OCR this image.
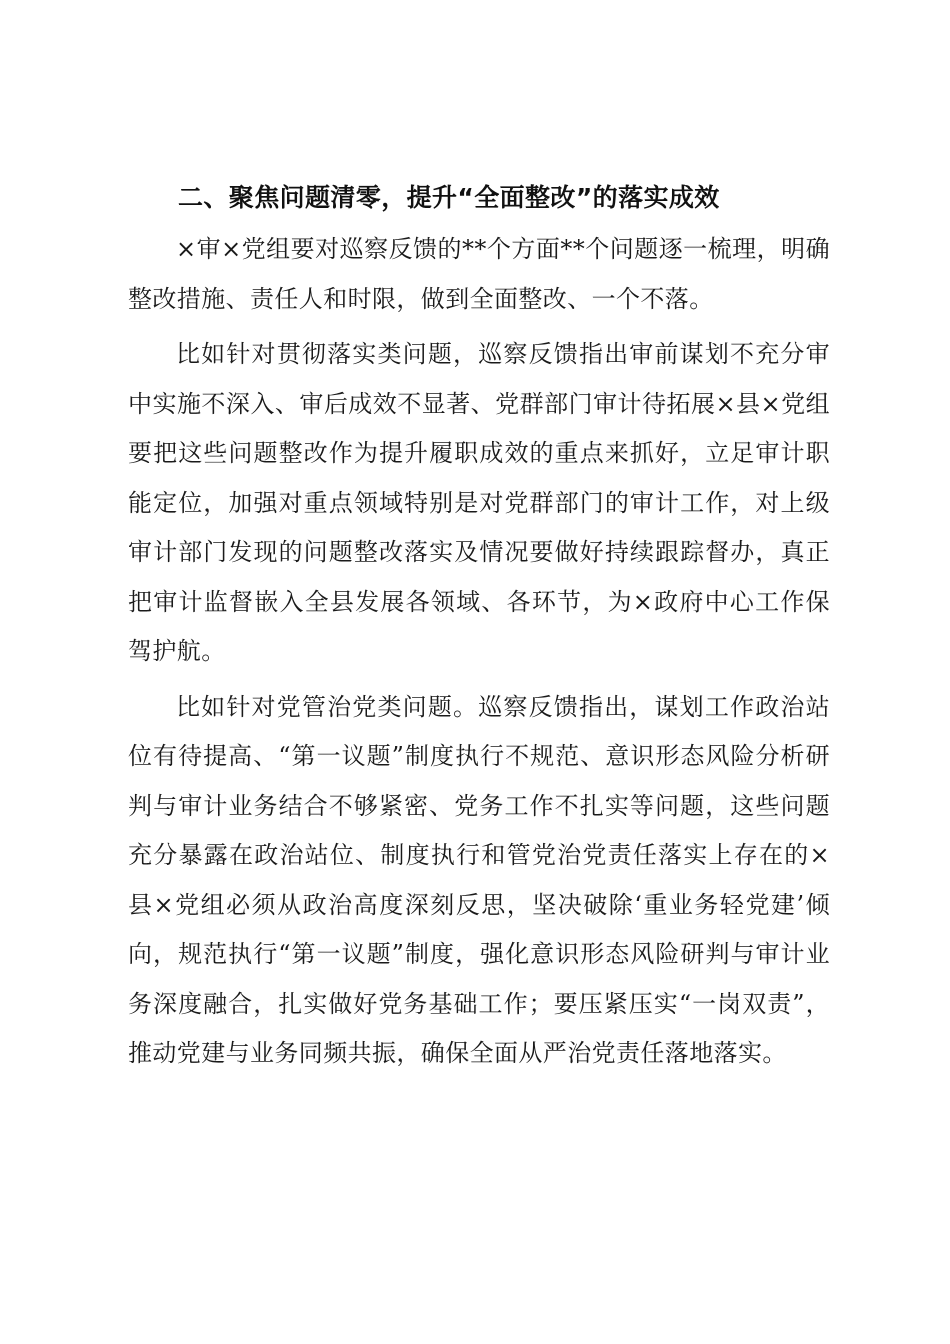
二、聚焦问题清零，提升“全面整改”的落实成效

×审×党组要对巡察反馈的**个方面**个问题逐一梳理，明确整改措施、责任人和时限，做到全面整改、一个不落。

比如针对贯彻落实类问题，巡察反馈指出审前谋划不充分审中实施不深入、审后成效不显著、党群部门审计待拓展×县×党组要把这些问题整改作为提升履职成效的重点来抓好，立足审计职能定位，加强对重点领域特别是对党群部门的审计工作，对上级审计部门发现的问题整改落实及情况要做好持续跟踪督办，真正把审计监督嵌入全县发展各领域、各环节，为×政府中心工作保驾护航。

比如针对党管治党类问题。巡察反馈指出，谋划工作政治站位有待提高、“第一议题”制度执行不规范、意识形态风险分析研判与审计业务结合不够紧密、党务工作不扎实等问题，这些问题充分暴露在政治站位、制度执行和管党治党责任落实上存在的×县×党组必须从政治高度深刻反思，坚决破除‘重业务轻党建’倾向，规范执行“第一议题”制度，强化意识形态风险研判与审计业务深度融合，扎实做好党务基础工作；要压紧压实“一岗双责”，推动党建与业务同频共振，确保全面从严治党责任落地落实。
